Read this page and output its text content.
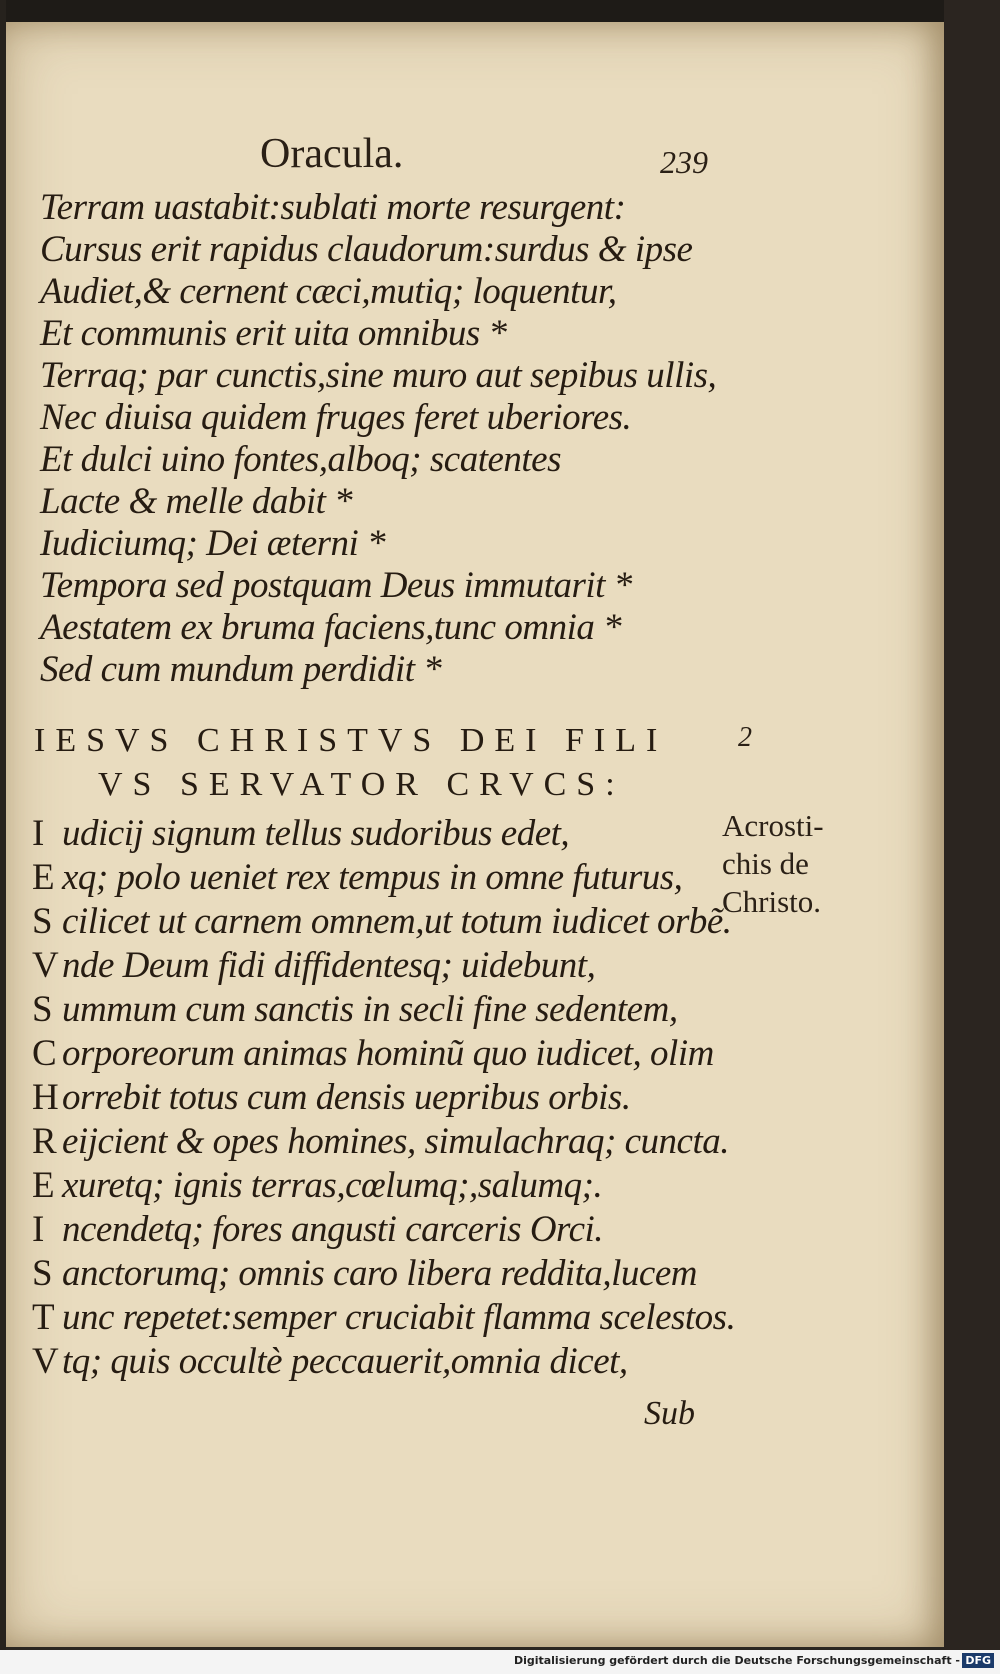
Oracula.	239
Terram uastabit:sublati morte resurgent:
Cursus erit rapidus claudorum:surdus & ipse
Audiet,& cernent cæci,mutiq; loquentur,
Et communis erit uita omnibus *
Terraq; par cunctis,sine muro aut sepibus ullis,
Nec diuisa quidem fruges feret uberiores.
Et dulci uino fontes,alboq; scatentes
Lacte & melle dabit *
Iudiciumq; Dei æterni *
Tempora sed postquam Deus immutarit *
Aestatem ex bruma faciens,tunc omnia *
Sed cum mundum perdidit *
IESVS CHRISTVS DEI FILI
VS SERVATOR CRVCS:
2
Acrosti-
chis de
Christo.
I udicij signum tellus sudoribus edet,
E xq; polo ueniet rex tempus in omne futurus,
S cilicet ut carnem omnem,ut totum iudicet orbẽ.
V nde Deum fidi diffidentesq; uidebunt,
S ummum cum sanctis in secli fine sedentem,
C orporeorum animas hominũ quo iudicet, olim
H orrebit totus cum densis uepribus orbis.
R eijcient & opes homines, simulachraq; cuncta.
E xuretq; ignis terras,cœlumq;,salumq;.
I ncendetq; fores angusti carceris Orci.
S anctorumq; omnis caro libera reddita,lucem
T unc repetet:semper cruciabit flamma scelestos.
V tq; quis occultè peccauerit,omnia dicet,
Sub
Digitalisierung gefördert durch die Deutsche Forschungsgemeinschaft - DFG
